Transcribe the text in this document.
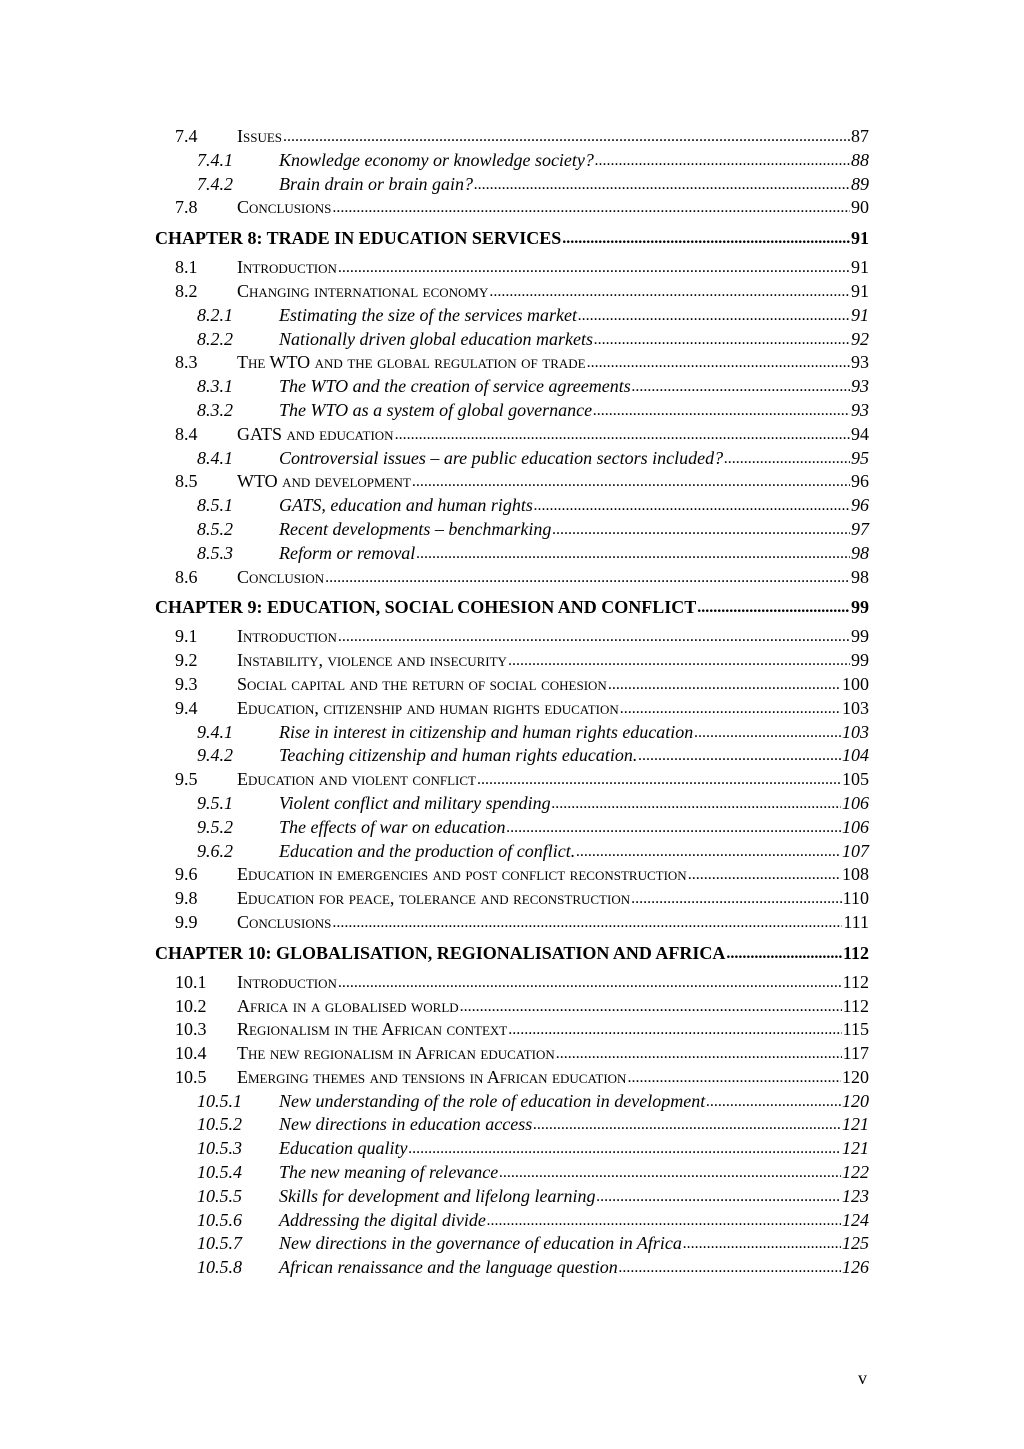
7.4	Issues .....	87
7.4.1	Knowledge economy or knowledge society? .....	88
7.4.2	Brain drain or brain gain? .....	89
7.8	Conclusions .....	90
CHAPTER 8: TRADE IN EDUCATION SERVICES .....	91
8.1	Introduction .....	91
8.2	Changing international economy .....	91
8.2.1	Estimating the size of the services market .....	91
8.2.2	Nationally driven global education markets .....	92
8.3	The WTO and the global regulation of trade .....	93
8.3.1	The WTO and the creation of service agreements .....	93
8.3.2	The WTO as a system of global governance .....	93
8.4	GATS and education .....	94
8.4.1	Controversial issues – are public education sectors included? .....	95
8.5	WTO and development .....	96
8.5.1	GATS, education and human rights .....	96
8.5.2	Recent developments – benchmarking .....	97
8.5.3	Reform or removal .....	98
8.6	Conclusion .....	98
CHAPTER 9: EDUCATION, SOCIAL COHESION AND CONFLICT .....	99
9.1	Introduction .....	99
9.2	Instability, violence and insecurity .....	99
9.3	Social capital and the return of social cohesion .....	100
9.4	Education, citizenship and human rights education .....	103
9.4.1	Rise in interest in citizenship and human rights education .....	103
9.4.2	Teaching citizenship and human rights education. .....	104
9.5	Education and violent conflict .....	105
9.5.1	Violent conflict and military spending .....	106
9.5.2	The effects of war on education .....	106
9.6.2	Education and the production of conflict. .....	107
9.6	Education in emergencies and post conflict reconstruction .....	108
9.8	Education for peace, tolerance and reconstruction .....	110
9.9	Conclusions .....	111
CHAPTER 10: GLOBALISATION, REGIONALISATION AND AFRICA .....	112
10.1	Introduction .....	112
10.2	Africa in a globalised world .....	112
10.3	Regionalism in the African context .....	115
10.4	The new regionalism in African education .....	117
10.5	Emerging themes and tensions in African education .....	120
10.5.1	New understanding of the role of education in development .....	120
10.5.2	New directions in education access .....	121
10.5.3	Education quality .....	121
10.5.4	The new meaning of relevance .....	122
10.5.5	Skills for development and lifelong learning .....	123
10.5.6	Addressing the digital divide .....	124
10.5.7	New directions in the governance of education in Africa .....	125
10.5.8	African renaissance and the language question .....	126
v
